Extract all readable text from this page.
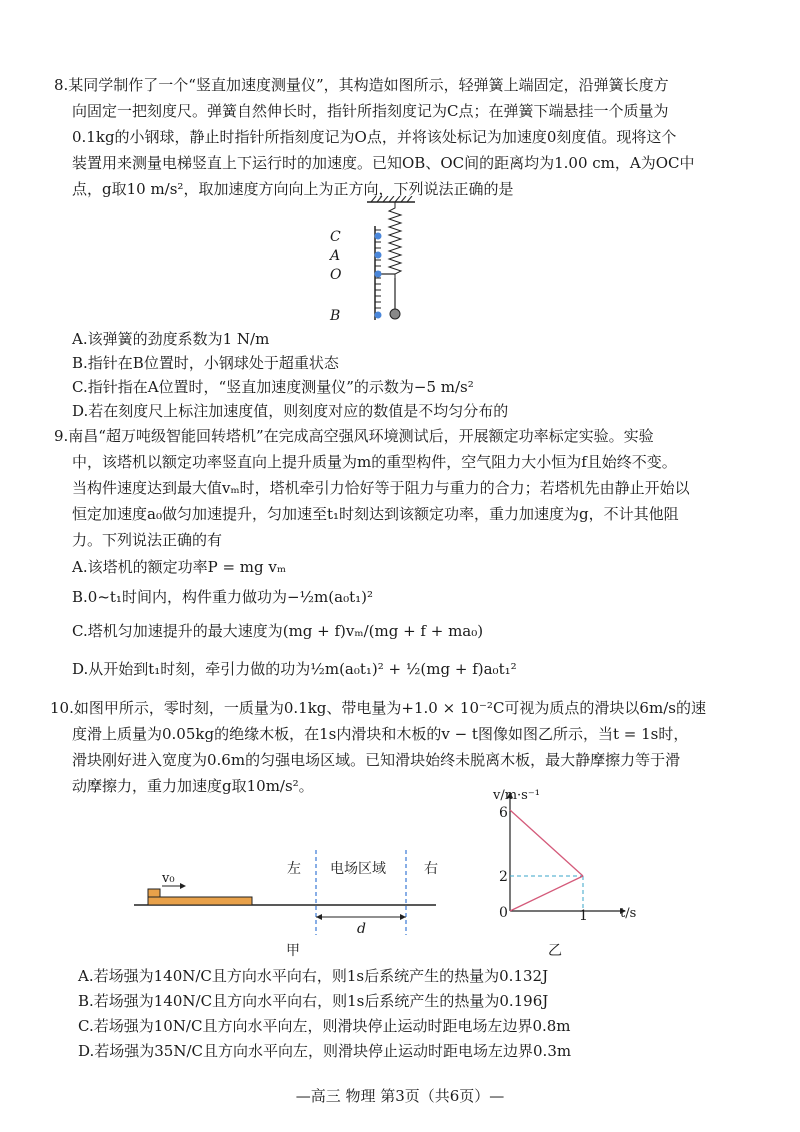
8.某同学制作了一个“竖直加速度测量仪”，其构造如图所示，轻弹簧上端固定，沿弹簧长度方
向固定一把刻度尺。弹簧自然伸长时，指针所指刻度记为C点；在弹簧下端悬挂一个质量为
0.1kg的小钢球，静止时指针所指刻度记为O点，并将该处标记为加速度0刻度值。现将这个
装置用来测量电梯竖直上下运行时的加速度。已知OB、OC间的距离均为1.00 cm，A为OC中
点，g取10 m/s²，取加速度方向向上为正方向，下列说法正确的是
C
A
O
B
A.该弹簧的劲度系数为1 N/m
B.指针在B位置时，小钢球处于超重状态
C.指针指在A位置时，“竖直加速度测量仪”的示数为−5 m/s²
D.若在刻度尺上标注加速度值，则刻度对应的数值是不均匀分布的
9.南昌“超万吨级智能回转塔机”在完成高空强风环境测试后，开展额定功率标定实验。实验
中，该塔机以额定功率竖直向上提升质量为m的重型构件，空气阻力大小恒为f且始终不变。
当构件速度达到最大值vₘ时，塔机牵引力恰好等于阻力与重力的合力；若塔机先由静止开始以
恒定加速度a₀做匀加速提升，匀加速至t₁时刻达到该额定功率，重力加速度为g，不计其他阻
力。下列说法正确的有
A.该塔机的额定功率P = mg vₘ
B.0~t₁时间内，构件重力做功为−½m(a₀t₁)²
C.塔机匀加速提升的最大速度为(mg + f)vₘ/(mg + f + ma₀)
D.从开始到t₁时刻，牵引力做的功为½m(a₀t₁)² + ½(mg + f)a₀t₁²
10.如图甲所示，零时刻，一质量为0.1kg、带电量为+1.0 × 10⁻²C可视为质点的滑块以6m/s的速
度滑上质量为0.05kg的绝缘木板，在1s内滑块和木板的v − t图像如图乙所示，当t = 1s时，
滑块刚好进入宽度为0.6m的匀强电场区域。已知滑块始终未脱离木板，最大静摩擦力等于滑
动摩擦力，重力加速度g取10m/s²。
v₀
左 电场区域	右
d
甲
v/m·s⁻¹
6
2
0	1 t/s
乙
A.若场强为140N/C且方向水平向右，则1s后系统产生的热量为0.132J
B.若场强为140N/C且方向水平向右，则1s后系统产生的热量为0.196J
C.若场强为10N/C且方向水平向左，则滑块停止运动时距电场左边界0.8m
D.若场强为35N/C且方向水平向左，则滑块停止运动时距电场左边界0.3m
—高三 物理 第3页（共6页）—
